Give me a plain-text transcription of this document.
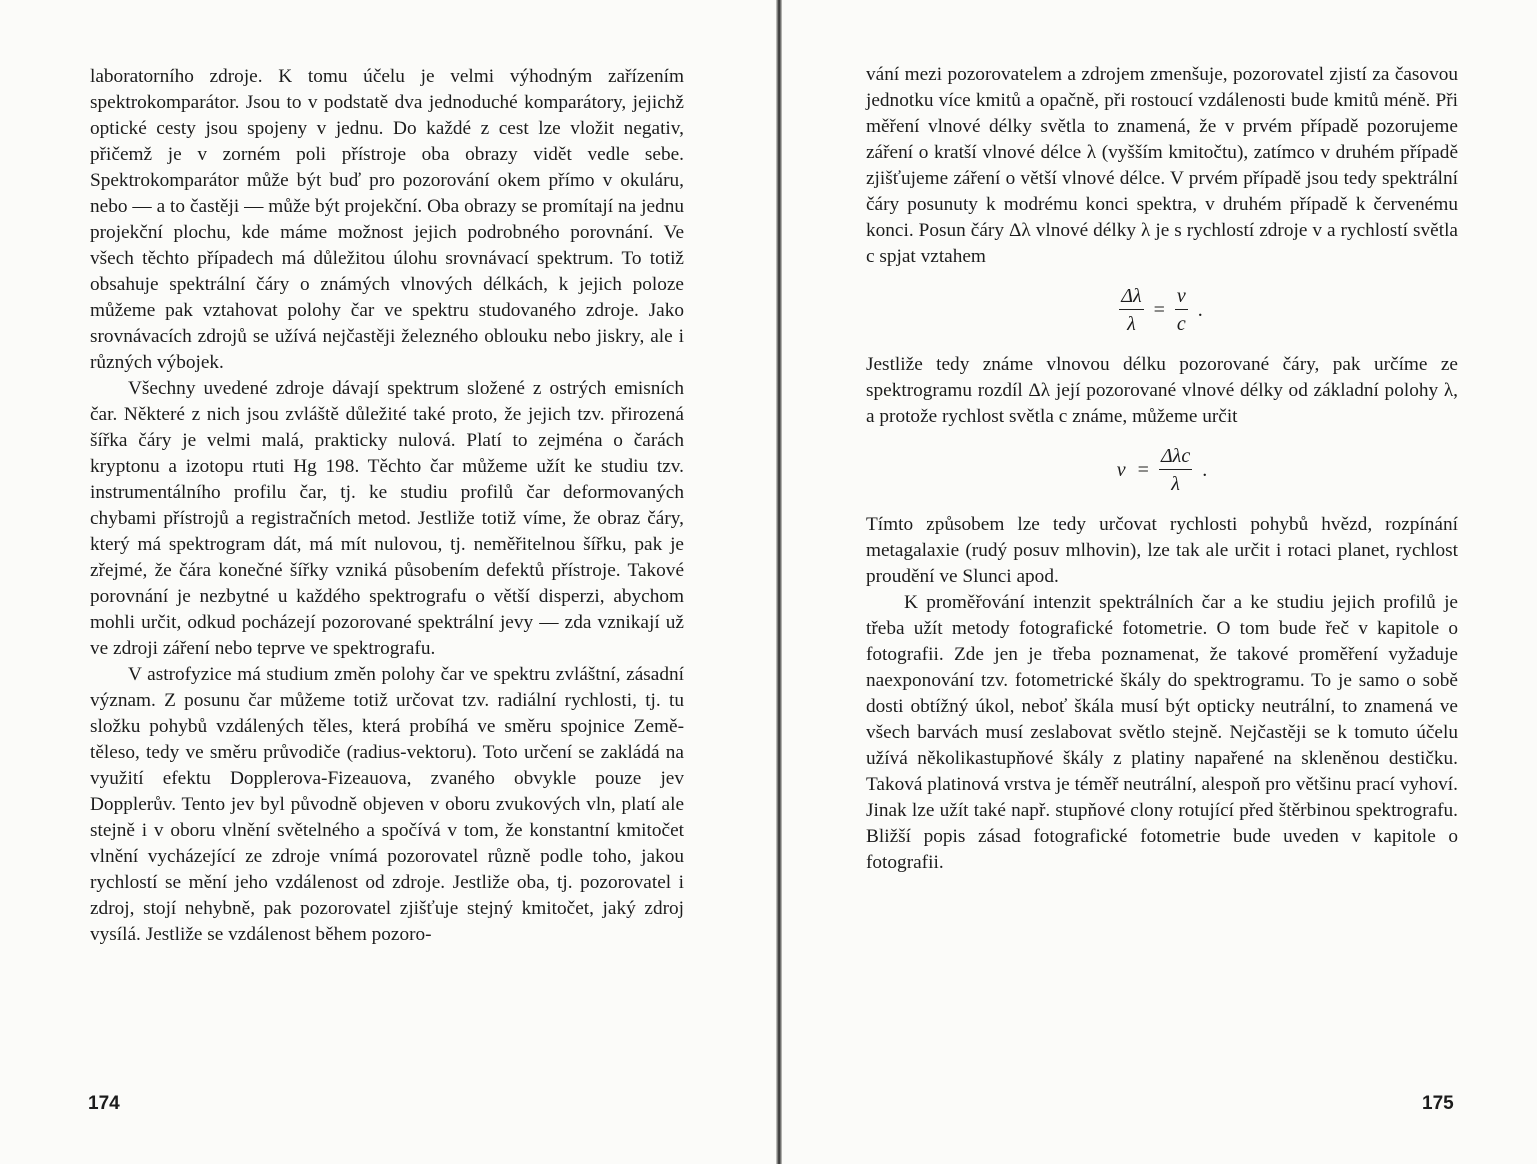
laboratorního zdroje. K tomu účelu je velmi výhodným zařízením spektrokomparátor. Jsou to v podstatě dva jednoduché komparátory, jejichž optické cesty jsou spojeny v jednu. Do každé z cest lze vložit negativ, přičemž je v zorném poli přístroje oba obrazy vidět vedle sebe. Spektrokomparátor může být buď pro pozorování okem přímo v okuláru, nebo — a to častěji — může být projekční. Oba obrazy se promítají na jednu projekční plochu, kde máme možnost jejich podrobného porovnání. Ve všech těchto případech má důležitou úlohu srovnávací spektrum. To totiž obsahuje spektrální čáry o známých vlnových délkách, k jejich poloze můžeme pak vztahovat polohy čar ve spektru studovaného zdroje. Jako srovnávacích zdrojů se užívá nejčastěji železného oblouku nebo jiskry, ale i různých výbojek.

Všechny uvedené zdroje dávají spektrum složené z ostrých emisních čar. Některé z nich jsou zvláště důležité také proto, že jejich tzv. přirozená šířka čáry je velmi malá, prakticky nulová. Platí to zejména o čarách kryptonu a izotopu rtuti Hg 198. Těchto čar můžeme užít ke studiu tzv. instrumentálního profilu čar, tj. ke studiu profilů čar deformovaných chybami přístrojů a registračních metod. Jestliže totiž víme, že obraz čáry, který má spektrogram dát, má mít nulovou, tj. neměřitelnou šířku, pak je zřejmé, že čára konečné šířky vzniká působením defektů přístroje. Takové porovnání je nezbytné u každého spektrografu o větší disperzi, abychom mohli určit, odkud pocházejí pozorované spektrální jevy — zda vznikají už ve zdroji záření nebo teprve ve spektrografu.

V astrofyzice má studium změn polohy čar ve spektru zvláštní, zásadní význam. Z posunu čar můžeme totiž určovat tzv. radiální rychlosti, tj. tu složku pohybů vzdálených těles, která probíhá ve směru spojnice Země-těleso, tedy ve směru průvodiče (radius-vektoru). Toto určení se zakládá na využití efektu Dopplerova-Fizeauova, zvaného obvykle pouze jev Dopplerův. Tento jev byl původně objeven v oboru zvukových vln, platí ale stejně i v oboru vlnění světelného a spočívá v tom, že konstantní kmitočet vlnění vycházející ze zdroje vnímá pozorovatel různě podle toho, jakou rychlostí se mění jeho vzdálenost od zdroje. Jestliže oba, tj. pozorovatel i zdroj, stojí nehybně, pak pozorovatel zjišťuje stejný kmitočet, jaký zdroj vysílá. Jestliže se vzdálenost během pozoro-

174

vání mezi pozorovatelem a zdrojem zmenšuje, pozorovatel zjistí za časovou jednotku více kmitů a opačně, při rostoucí vzdálenosti bude kmitů méně. Při měření vlnové délky světla to znamená, že v prvém případě pozorujeme záření o kratší vlnové délce λ (vyšším kmitočtu), zatímco v druhém případě zjišťujeme záření o větší vlnové délce. V prvém případě jsou tedy spektrální čáry posunuty k modrému konci spektra, v druhém případě k červenému konci. Posun čáry Δλ vlnové délky λ je s rychlostí zdroje v a rychlostí světla c spjat vztahem

$\frac{\Delta\lambda}{\lambda} = \frac{v}{c}$ .

Jestliže tedy známe vlnovou délku pozorované čáry, pak určíme ze spektrogramu rozdíl Δλ její pozorované vlnové délky od základní polohy λ, a protože rychlost světla c známe, můžeme určit

$v = \frac{\text{Δλc}}{\lambda}$ .

Tímto způsobem lze tedy určovat rychlosti pohybů hvězd, rozpínání metagalaxie (rudý posuv mlhovin), lze tak ale určit i rotaci planet, rychlost proudění ve Slunci apod.

K proměřování intenzit spektrálních čar a ke studiu jejich profilů je třeba užít metody fotografické fotometrie. O tom bude řeč v kapitole o fotografii. Zde jen je třeba poznamenat, že takové proměření vyžaduje naexponování tzv. fotometrické škály do spektrogramu. To je samo o sobě dosti obtížný úkol, neboť škála musí být opticky neutrální, to znamená ve všech barvách musí zeslabovat světlo stejně. Nejčastěji se k tomuto účelu užívá několikastupňové škály z platiny napařené na skleněnou destičku. Taková platinová vrstva je téměř neutrální, alespoň pro většinu prací vyhoví. Jinak lze užít také např. stupňové clony rotující před štěrbinou spektrografu. Bližší popis zásad fotografické fotometrie bude uveden v kapitole o fotografii.

175
